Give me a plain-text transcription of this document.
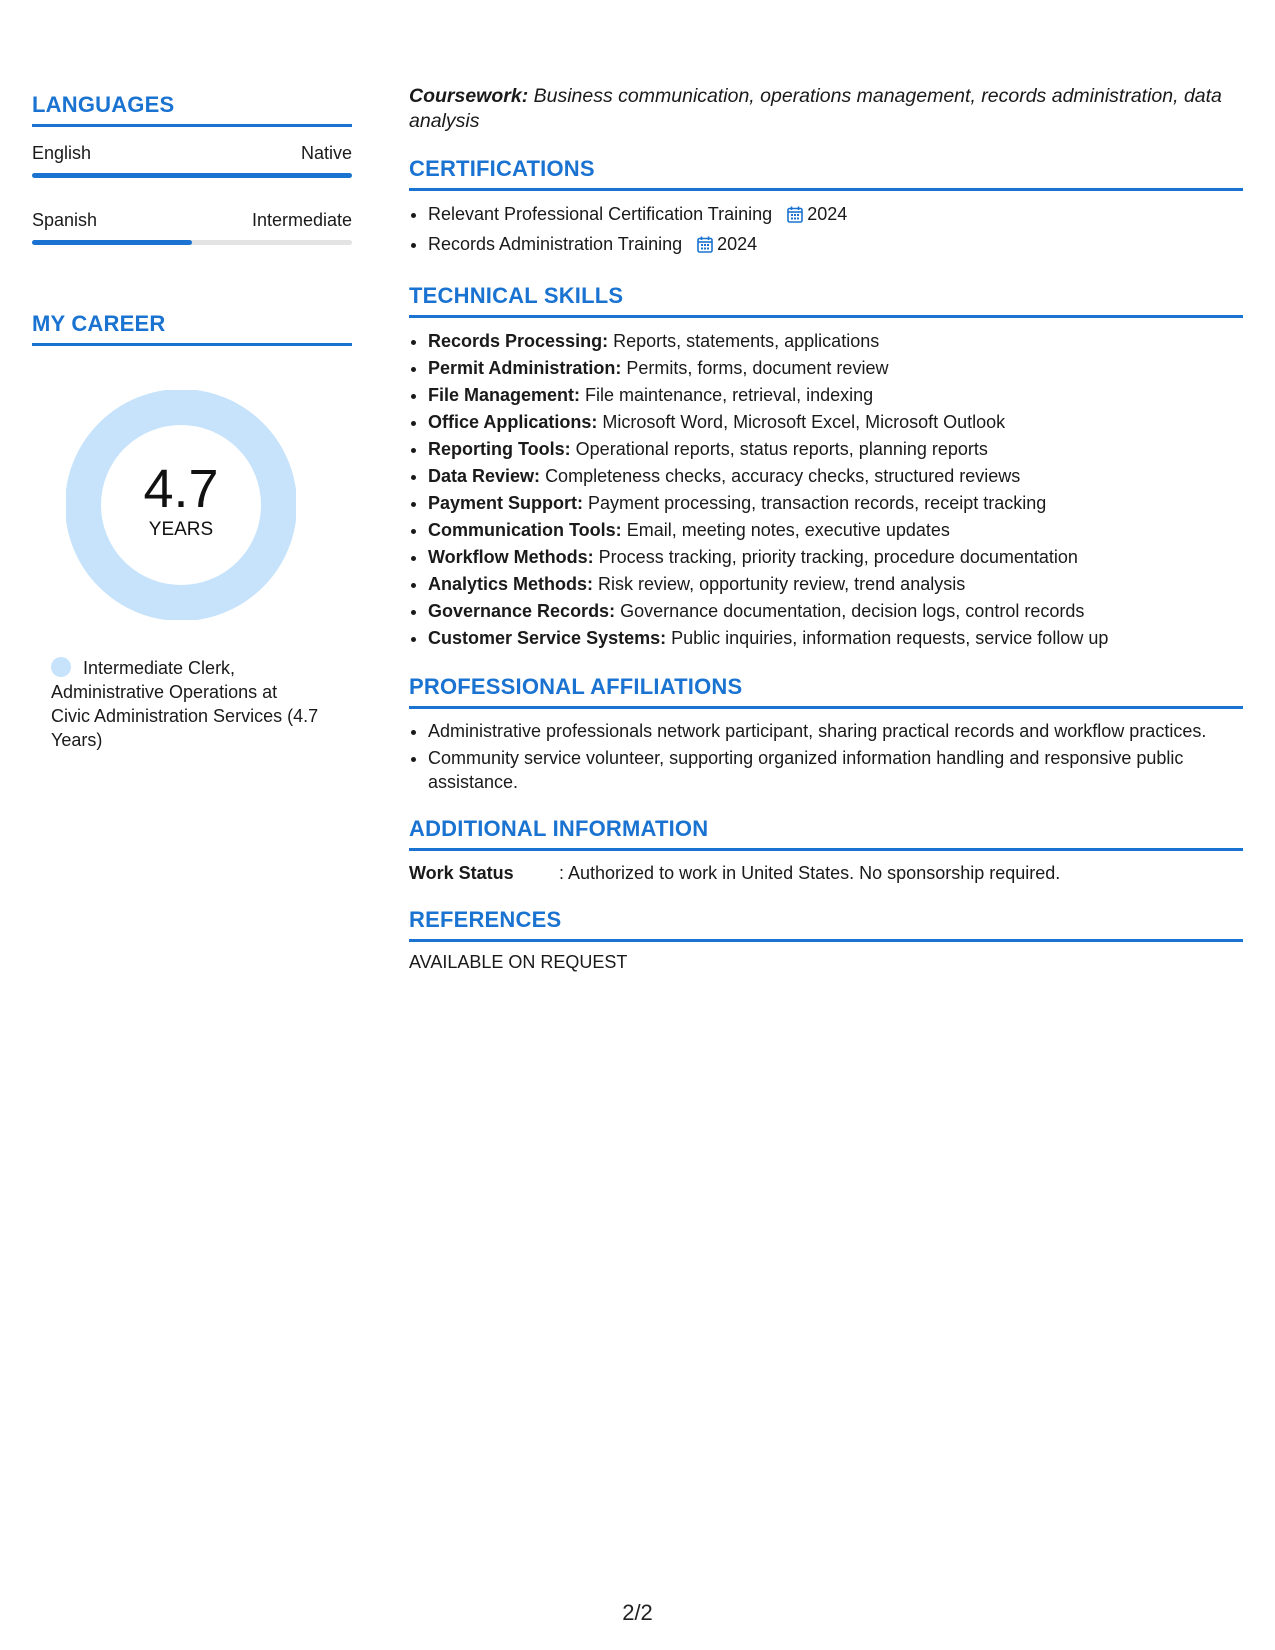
LANGUAGES
English	Native
Spanish	Intermediate
MY CAREER
4.7
YEARS
Intermediate Clerk, Administrative Operations at Civic Administration Services (4.7 Years)
Coursework: Business communication, operations management, records administration, data analysis
CERTIFICATIONS
• Relevant Professional Certification Training 2024
• Records Administration Training 2024
TECHNICAL SKILLS
• Records Processing: Reports, statements, applications
• Permit Administration: Permits, forms, document review
• File Management: File maintenance, retrieval, indexing
• Office Applications: Microsoft Word, Microsoft Excel, Microsoft Outlook
• Reporting Tools: Operational reports, status reports, planning reports
• Data Review: Completeness checks, accuracy checks, structured reviews
• Payment Support: Payment processing, transaction records, receipt tracking
• Communication Tools: Email, meeting notes, executive updates
• Workflow Methods: Process tracking, priority tracking, procedure documentation
• Analytics Methods: Risk review, opportunity review, trend analysis
• Governance Records: Governance documentation, decision logs, control records
• Customer Service Systems: Public inquiries, information requests, service follow up
PROFESSIONAL AFFILIATIONS
• Administrative professionals network participant, sharing practical records and workflow practices.
• Community service volunteer, supporting organized information handling and responsive public assistance.
ADDITIONAL INFORMATION
Work Status	: Authorized to work in United States. No sponsorship required.
REFERENCES
AVAILABLE ON REQUEST
2/2
